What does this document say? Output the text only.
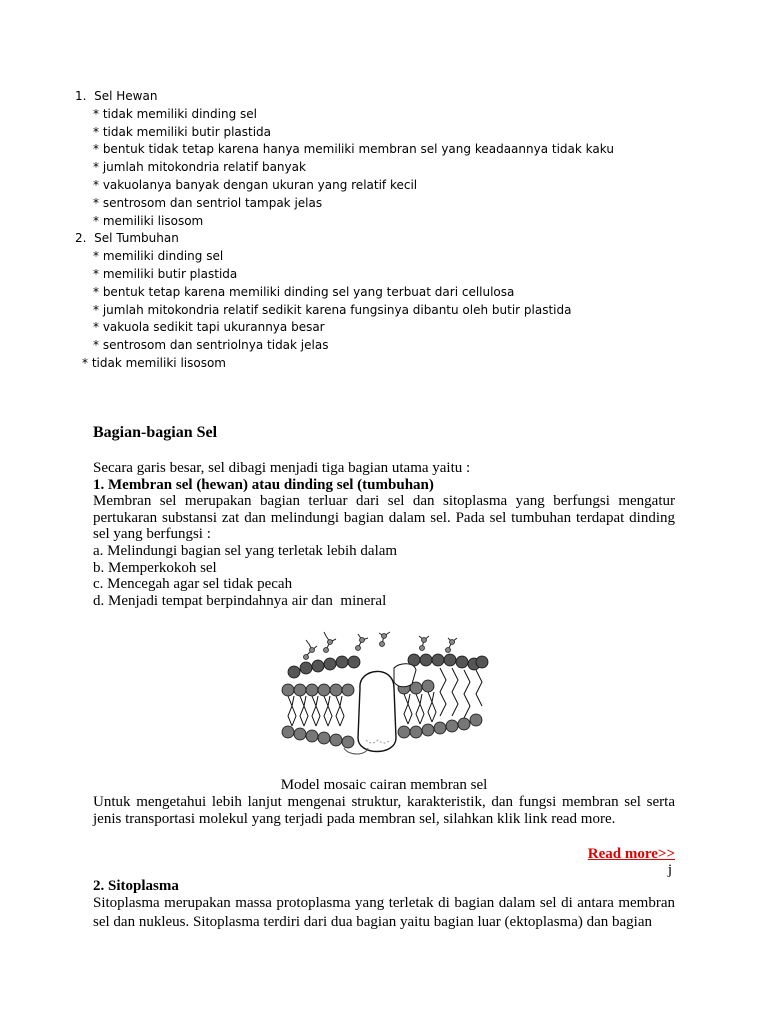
1. Sel Hewan
* tidak memiliki dinding sel
* tidak memiliki butir plastida
* bentuk tidak tetap karena hanya memiliki membran sel yang keadaannya tidak kaku
* jumlah mitokondria relatif banyak
* vakuolanya banyak dengan ukuran yang relatif kecil
* sentrosom dan sentriol tampak jelas
* memiliki lisosom
2. Sel Tumbuhan
* memiliki dinding sel
* memiliki butir plastida
* bentuk tetap karena memiliki dinding sel yang terbuat dari cellulosa
* jumlah mitokondria relatif sedikit karena fungsinya dibantu oleh butir plastida
* vakuola sedikit tapi ukurannya besar
* sentrosom dan sentriolnya tidak jelas
* tidak memiliki lisosom
Bagian-bagian Sel

Secara garis besar, sel dibagi menjadi tiga bagian utama yaitu :

1. Membran sel (hewan) atau dinding sel (tumbuhan)

Membran sel merupakan bagian terluar dari sel dan sitoplasma yang berfungsi mengatur pertukaran substansi zat dan melindungi bagian dalam sel. Pada sel tumbuhan terdapat dinding sel yang berfungsi :

a. Melindungi bagian sel yang terletak lebih dalam

b. Memperkokoh sel

c. Mencegah agar sel tidak pecah

d. Menjadi tempat berpindahnya air dan  mineral

Model mosaic cairan membran sel

Untuk mengetahui lebih lanjut mengenai struktur, karakteristik, dan fungsi membran sel serta jenis transportasi molekul yang terjadi pada membran sel, silahkan klik link read more.

Read more>>
j

2. Sitoplasma

Sitoplasma merupakan massa protoplasma yang terletak di bagian dalam sel di antara membran sel dan nukleus. Sitoplasma terdiri dari dua bagian yaitu bagian luar (ektoplasma) dan bagian
